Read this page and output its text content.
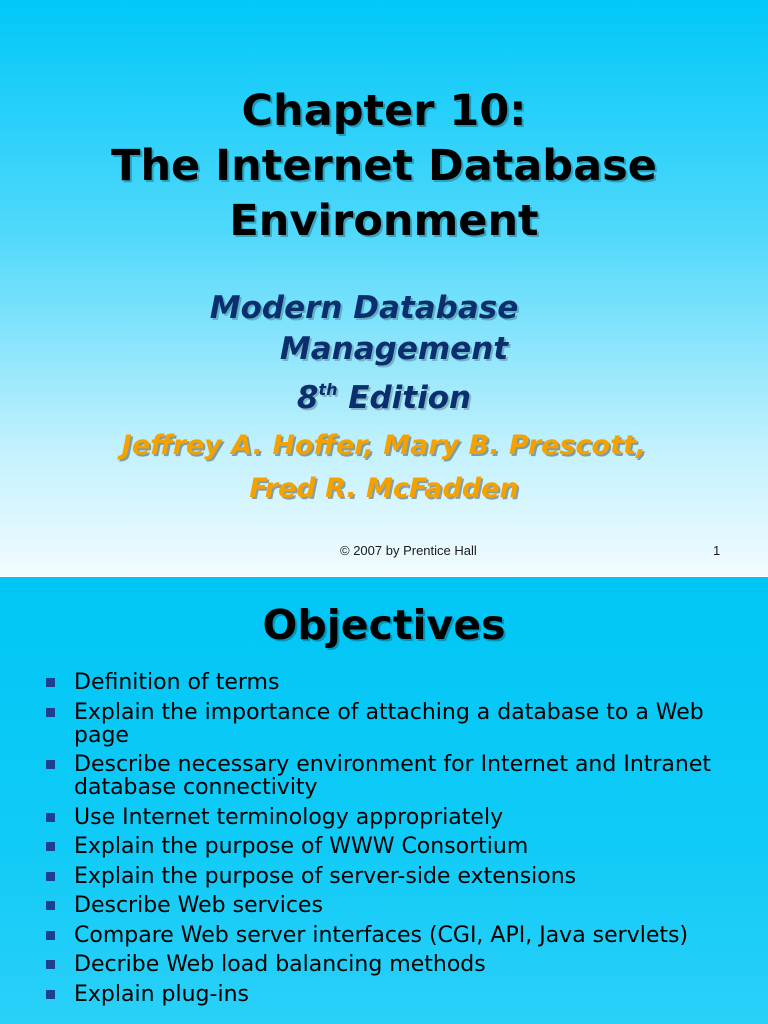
Chapter 10:
The Internet Database
Environment
Modern Database
Management

8th Edition

Jeffrey A. Hoffer, Mary B. Prescott,
Fred R. McFadden

© 2007 by Prentice Hall	1
Objectives
Definition of terms
Explain the importance of attaching a database to a Web page
Describe necessary environment for Internet and Intranet database connectivity
Use Internet terminology appropriately
Explain the purpose of WWW Consortium
Explain the purpose of server-side extensions
Describe Web services
Compare Web server interfaces (CGI, API, Java servlets)
Decribe Web load balancing methods
Explain plug-ins
